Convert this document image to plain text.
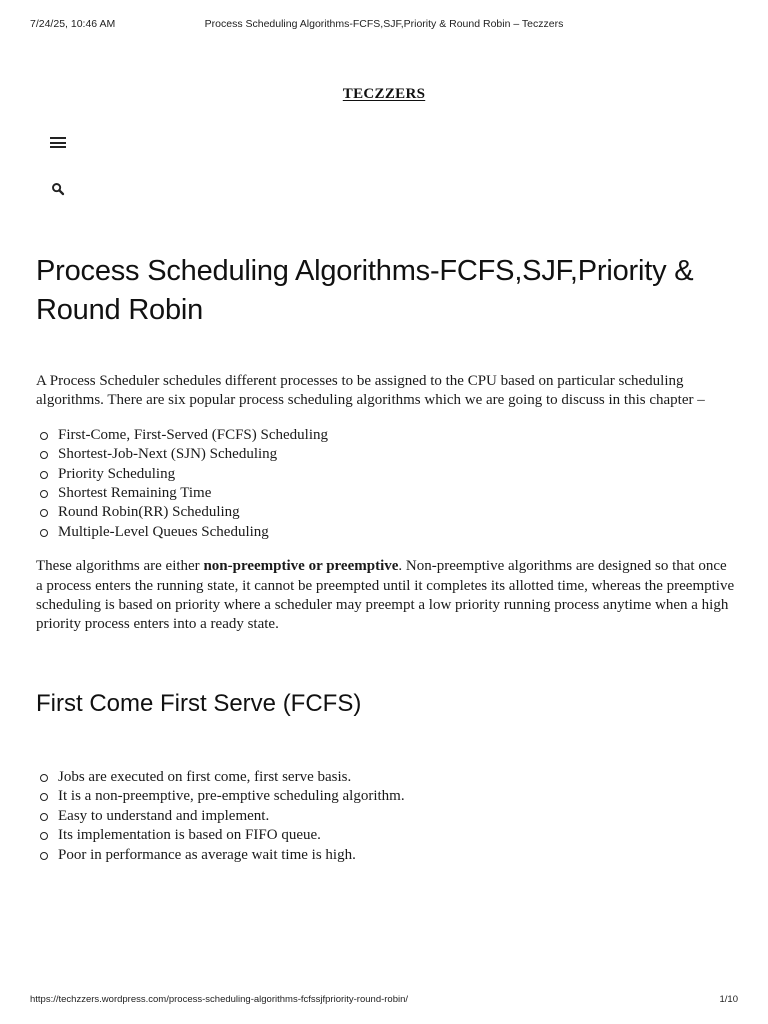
7/24/25, 10:46 AM	Process Scheduling Algorithms-FCFS,SJF,Priority & Round Robin – Teczzers
TECZZERS
Process Scheduling Algorithms-FCFS,SJF,Priority & Round Robin

A Process Scheduler schedules different processes to be assigned to the CPU based on particular scheduling algorithms. There are six popular process scheduling algorithms which we are going to discuss in this chapter –

First-Come, First-Served (FCFS) Scheduling
Shortest-Job-Next (SJN) Scheduling
Priority Scheduling
Shortest Remaining Time
Round Robin(RR) Scheduling
Multiple-Level Queues Scheduling

These algorithms are either non-preemptive or preemptive. Non-preemptive algorithms are designed so that once a process enters the running state, it cannot be preempted until it completes its allotted time, whereas the preemptive scheduling is based on priority where a scheduler may preempt a low priority running process anytime when a high priority process enters into a ready state.

First Come First Serve (FCFS)
Jobs are executed on first come, first serve basis.
It is a non-preemptive, pre-emptive scheduling algorithm.
Easy to understand and implement.
Its implementation is based on FIFO queue.
Poor in performance as average wait time is high.
https://techzzers.wordpress.com/process-scheduling-algorithms-fcfssjfpriority-round-robin/	1/10
